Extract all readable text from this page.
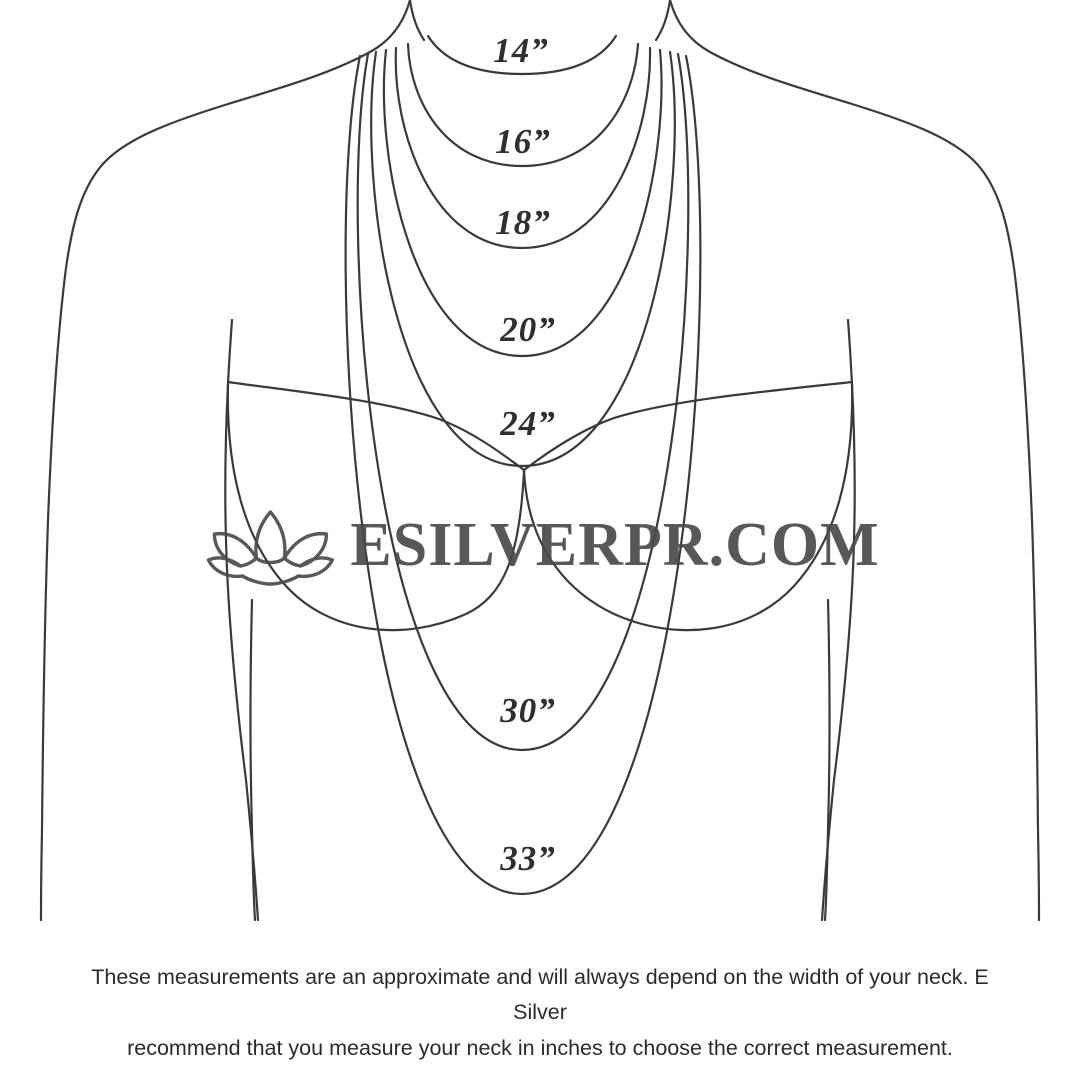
14”
16”
18”
20”
24”
30”
33”
ESILVERPR.COM
These measurements are an approximate and will always depend on the width of your neck. E Silver
recommend that you measure your neck in inches to choose the correct measurement.
